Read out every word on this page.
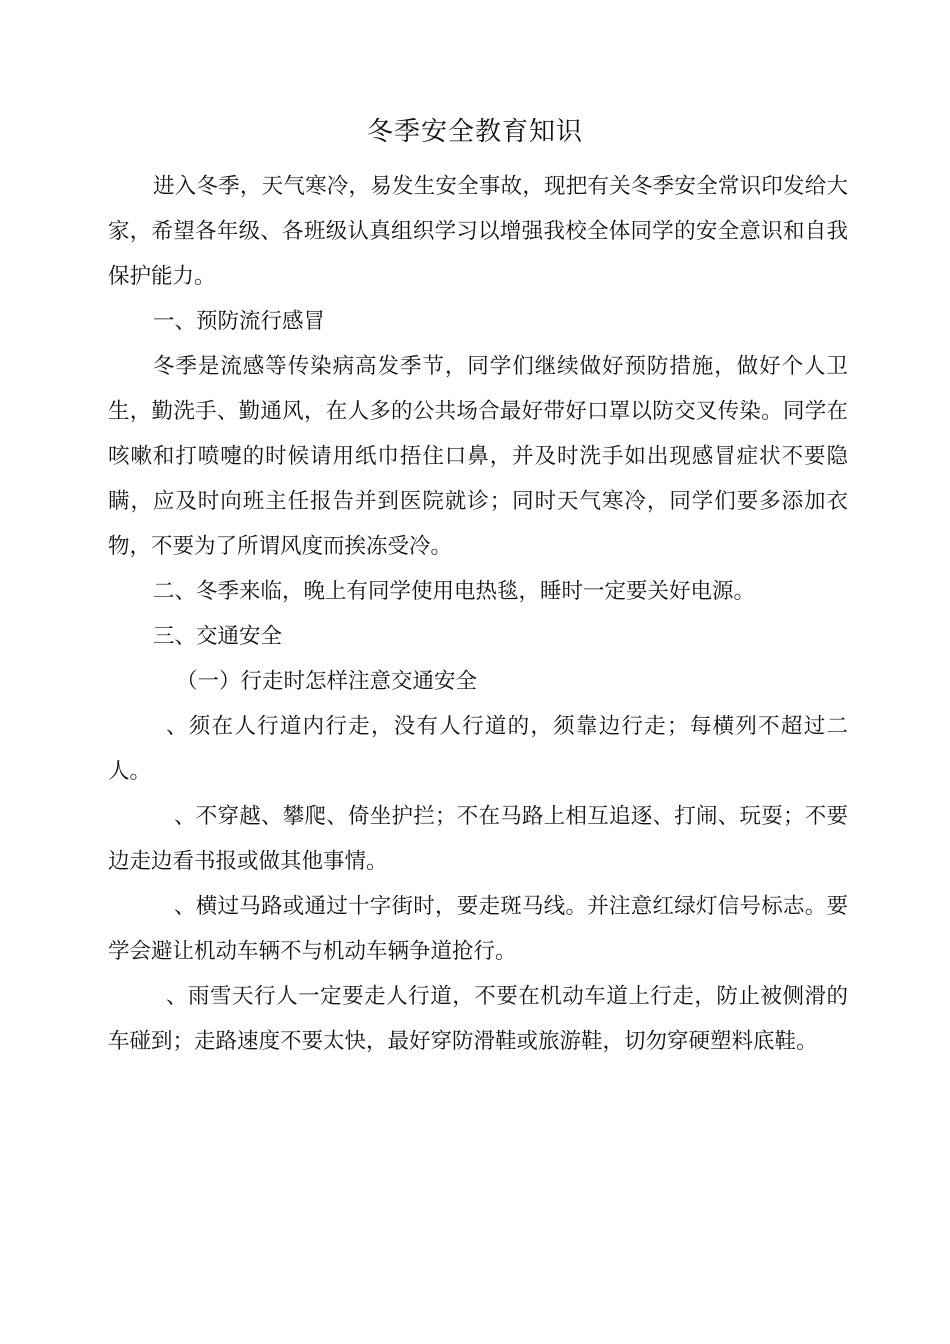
冬季安全教育知识

进入冬季，天气寒冷，易发生安全事故，现把有关冬季安全常识印发给大家，希望各年级、各班级认真组织学习以增强我校全体同学的安全意识和自我保护能力。

一、预防流行感冒

冬季是流感等传染病高发季节，同学们继续做好预防措施，做好个人卫生，勤洗手、勤通风，在人多的公共场合最好带好口罩以防交叉传染。同学在咳嗽和打喷嚏的时候请用纸巾捂住口鼻，并及时洗手如出现感冒症状不要隐瞒，应及时向班主任报告并到医院就诊；同时天气寒冷，同学们要多添加衣物，不要为了所谓风度而挨冻受冷。

二、冬季来临，晚上有同学使用电热毯，睡时一定要关好电源。

三、交通安全

（一）行走时怎样注意交通安全

、须在人行道内行走，没有人行道的，须靠边行走；每横列不超过二人。

、不穿越、攀爬、倚坐护拦；不在马路上相互追逐、打闹、玩耍；不要边走边看书报或做其他事情。

、横过马路或通过十字街时，要走斑马线。并注意红绿灯信号标志。要学会避让机动车辆不与机动车辆争道抢行。

、雨雪天行人一定要走人行道，不要在机动车道上行走，防止被侧滑的车碰到；走路速度不要太快，最好穿防滑鞋或旅游鞋，切勿穿硬塑料底鞋。
